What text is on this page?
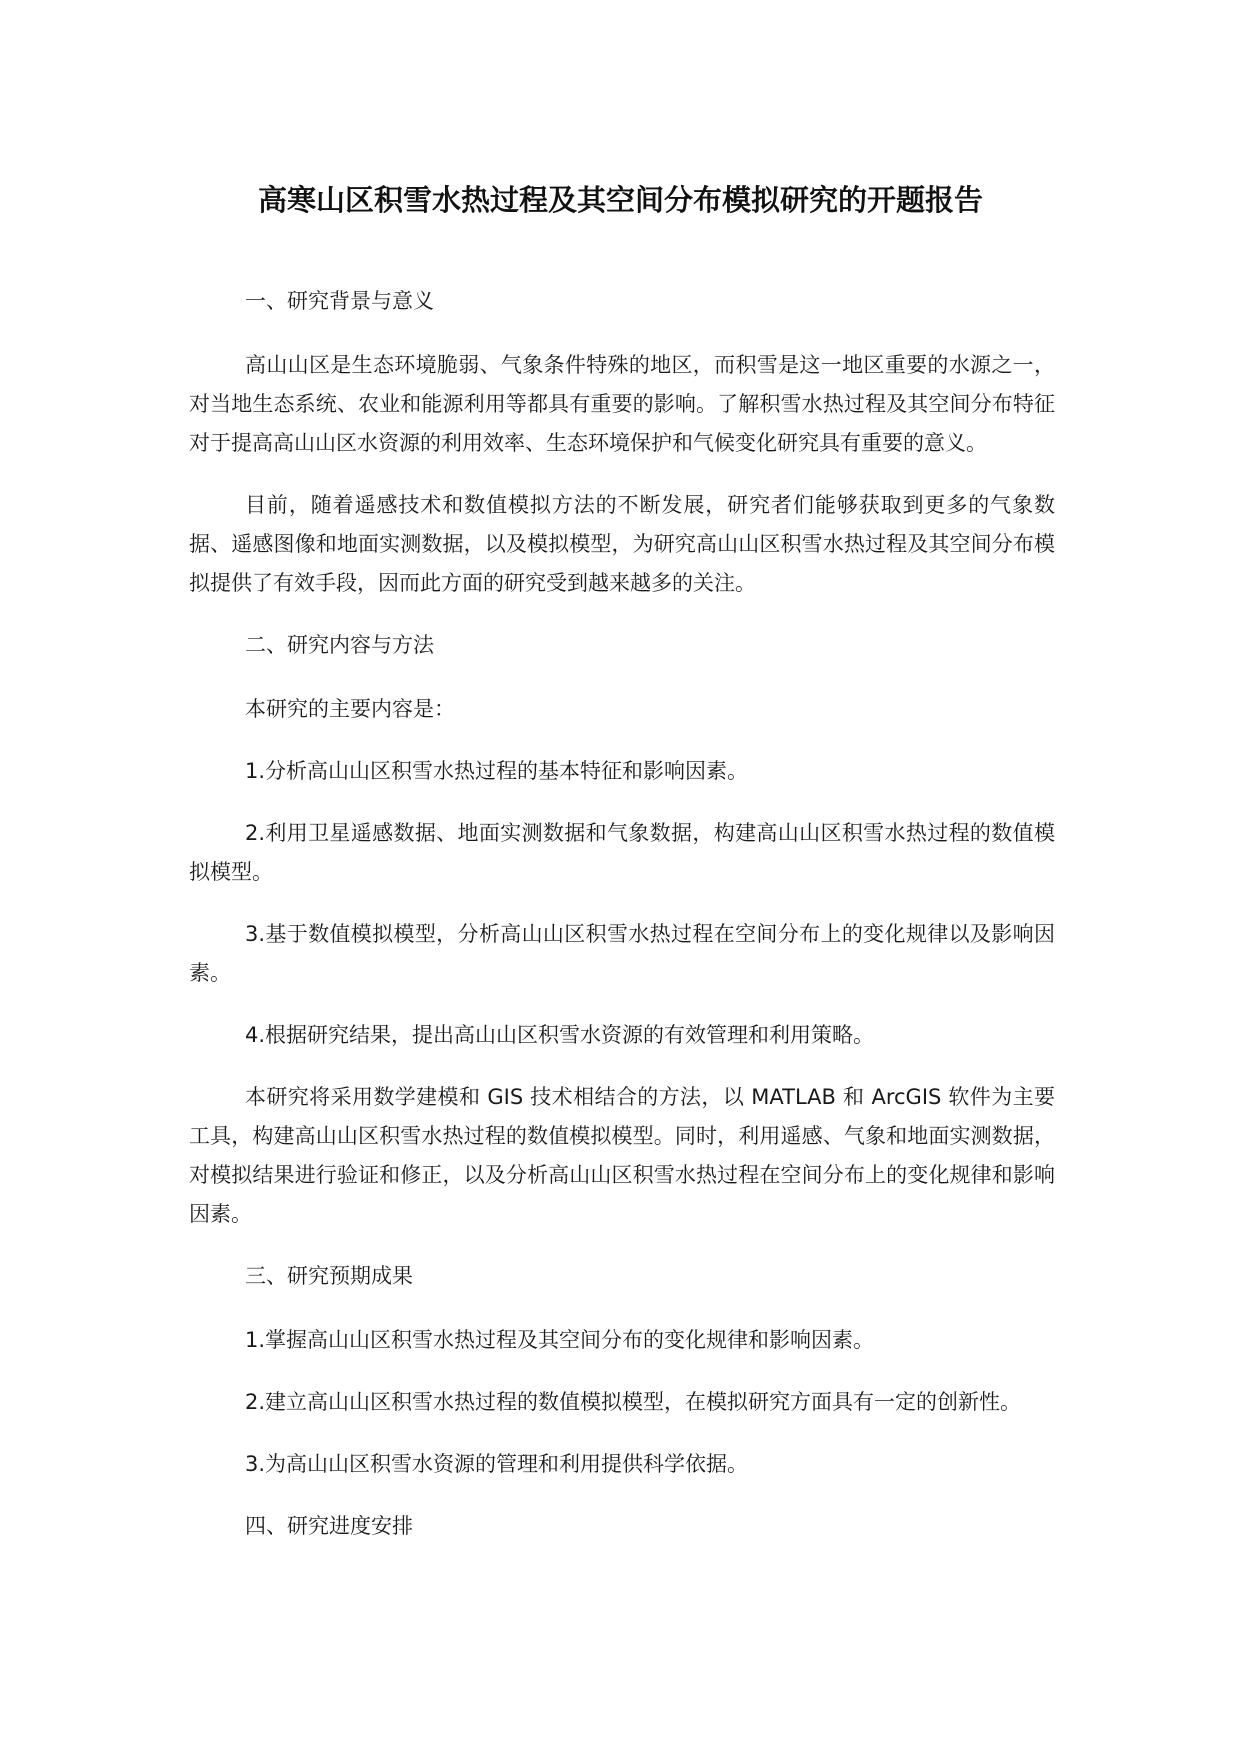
高寒山区积雪水热过程及其空间分布模拟研究的开题报告

一、研究背景与意义

高山山区是生态环境脆弱、气象条件特殊的地区，而积雪是这一地区重要的水源之一，对当地生态系统、农业和能源利用等都具有重要的影响。了解积雪水热过程及其空间分布特征对于提高高山山区水资源的利用效率、生态环境保护和气候变化研究具有重要的意义。

目前，随着遥感技术和数值模拟方法的不断发展，研究者们能够获取到更多的气象数据、遥感图像和地面实测数据，以及模拟模型，为研究高山山区积雪水热过程及其空间分布模拟提供了有效手段，因而此方面的研究受到越来越多的关注。

二、研究内容与方法

本研究的主要内容是：

1.分析高山山区积雪水热过程的基本特征和影响因素。

2.利用卫星遥感数据、地面实测数据和气象数据，构建高山山区积雪水热过程的数值模拟模型。

3.基于数值模拟模型，分析高山山区积雪水热过程在空间分布上的变化规律以及影响因素。

4.根据研究结果，提出高山山区积雪水资源的有效管理和利用策略。

本研究将采用数学建模和 GIS 技术相结合的方法，以 MATLAB 和 ArcGIS 软件为主要工具，构建高山山区积雪水热过程的数值模拟模型。同时，利用遥感、气象和地面实测数据，对模拟结果进行验证和修正，以及分析高山山区积雪水热过程在空间分布上的变化规律和影响因素。

三、研究预期成果

1.掌握高山山区积雪水热过程及其空间分布的变化规律和影响因素。

2.建立高山山区积雪水热过程的数值模拟模型，在模拟研究方面具有一定的创新性。

3.为高山山区积雪水资源的管理和利用提供科学依据。

四、研究进度安排
